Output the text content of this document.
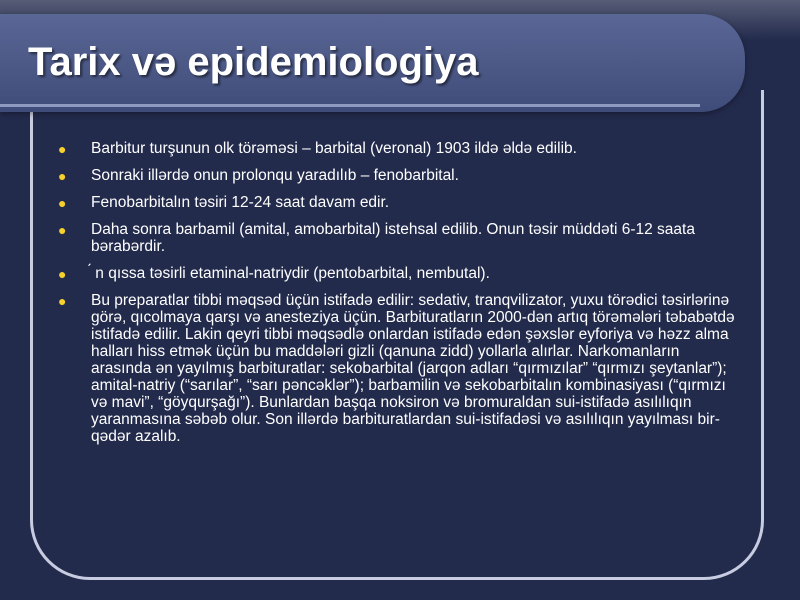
Tarix vә epidemiologiya
● Barbitur turşunun olk törәmәsi – barbital (veronal) 1903 ildә әldә edilib.
● Sonraki illәrdә onun prolonqu yaradılıb – fenobarbital.
● Fenobarbitalın tәsiri 12-24 saat davam edir.
● Daha sonra barbamil (amital, amobarbital) istehsal edilib. Onun tәsir müddәti 6-12 saata bәrabәrdir.
● ́ n qıssa tәsirli etaminal-natriydir (pentobarbital, nembutal).
● Bu preparatlar tibbi mәqsәd üçün istifadә edilir: sedativ, tranqvilizator, yuxu törәdici tәsirlәrinә görә, qıcolmaya qarşı vә anesteziya üçün. Barbituratların 2000-dәn artıq törәmәlәri tәbabәtdә istifadә edilir. Lakin qeyri tibbi mәqsәdlә onlardan istifadә edәn şәxslәr eyforiya vә hәzz alma halları hiss etmәk üçün bu maddәlәri gizli (qanuna zidd) yollarla alırlar. Narkomanların arasında әn yayılmış barbituratlar: sekobarbital (jarqon adları “qırmızılar” “qırmızı şeytanlar”); amital-natriy (“sarılar”, “sarı pәncәklәr”); barbamilin vә sekobarbitalın kombinasiyası (“qırmızı vә mavi”, “göyqurşağı”). Bunlardan başqa noksiron vә bromuraldan sui-istifadә asılılıqın yaranmasına sәbәb olur. Son illәrdә barbituratlardan sui-istifadәsi vә asılılıqın yayılması bir-qәdәr azalıb.
